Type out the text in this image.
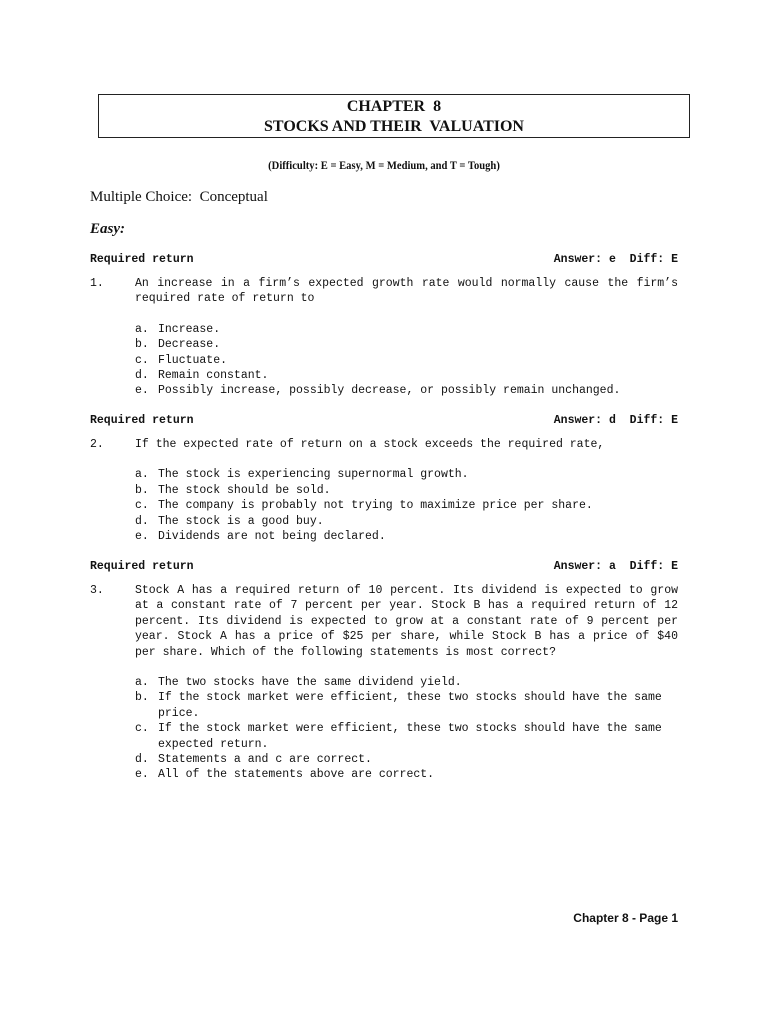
CHAPTER  8
STOCKS AND THEIR  VALUATION
(Difficulty: E = Easy, M = Medium, and T = Tough)
Multiple Choice:  Conceptual
Easy:
Required return	Answer: e  Diff: E
1.	An increase in a firm’s expected growth rate would normally cause the firm’s required rate of return to
a. Increase.
b. Decrease.
c. Fluctuate.
d. Remain constant.
e. Possibly increase, possibly decrease, or possibly remain unchanged.
Required return	Answer: d  Diff: E
2.	If the expected rate of return on a stock exceeds the required rate,
a. The stock is experiencing supernormal growth.
b. The stock should be sold.
c. The company is probably not trying to maximize price per share.
d. The stock is a good buy.
e. Dividends are not being declared.
Required return	Answer: a  Diff: E
3.	Stock A has a required return of 10 percent. Its dividend is expected to grow at a constant rate of 7 percent per year. Stock B has a required return of 12 percent. Its dividend is expected to grow at a constant rate of 9 percent per year. Stock A has a price of $25 per share, while Stock B has a price of $40 per share. Which of the following statements is most correct?
a. The two stocks have the same dividend yield.
b. If the stock market were efficient, these two stocks should have the same price.
c. If the stock market were efficient, these two stocks should have the same expected return.
d. Statements a and c are correct.
e. All of the statements above are correct.
Chapter 8 - Page 1
